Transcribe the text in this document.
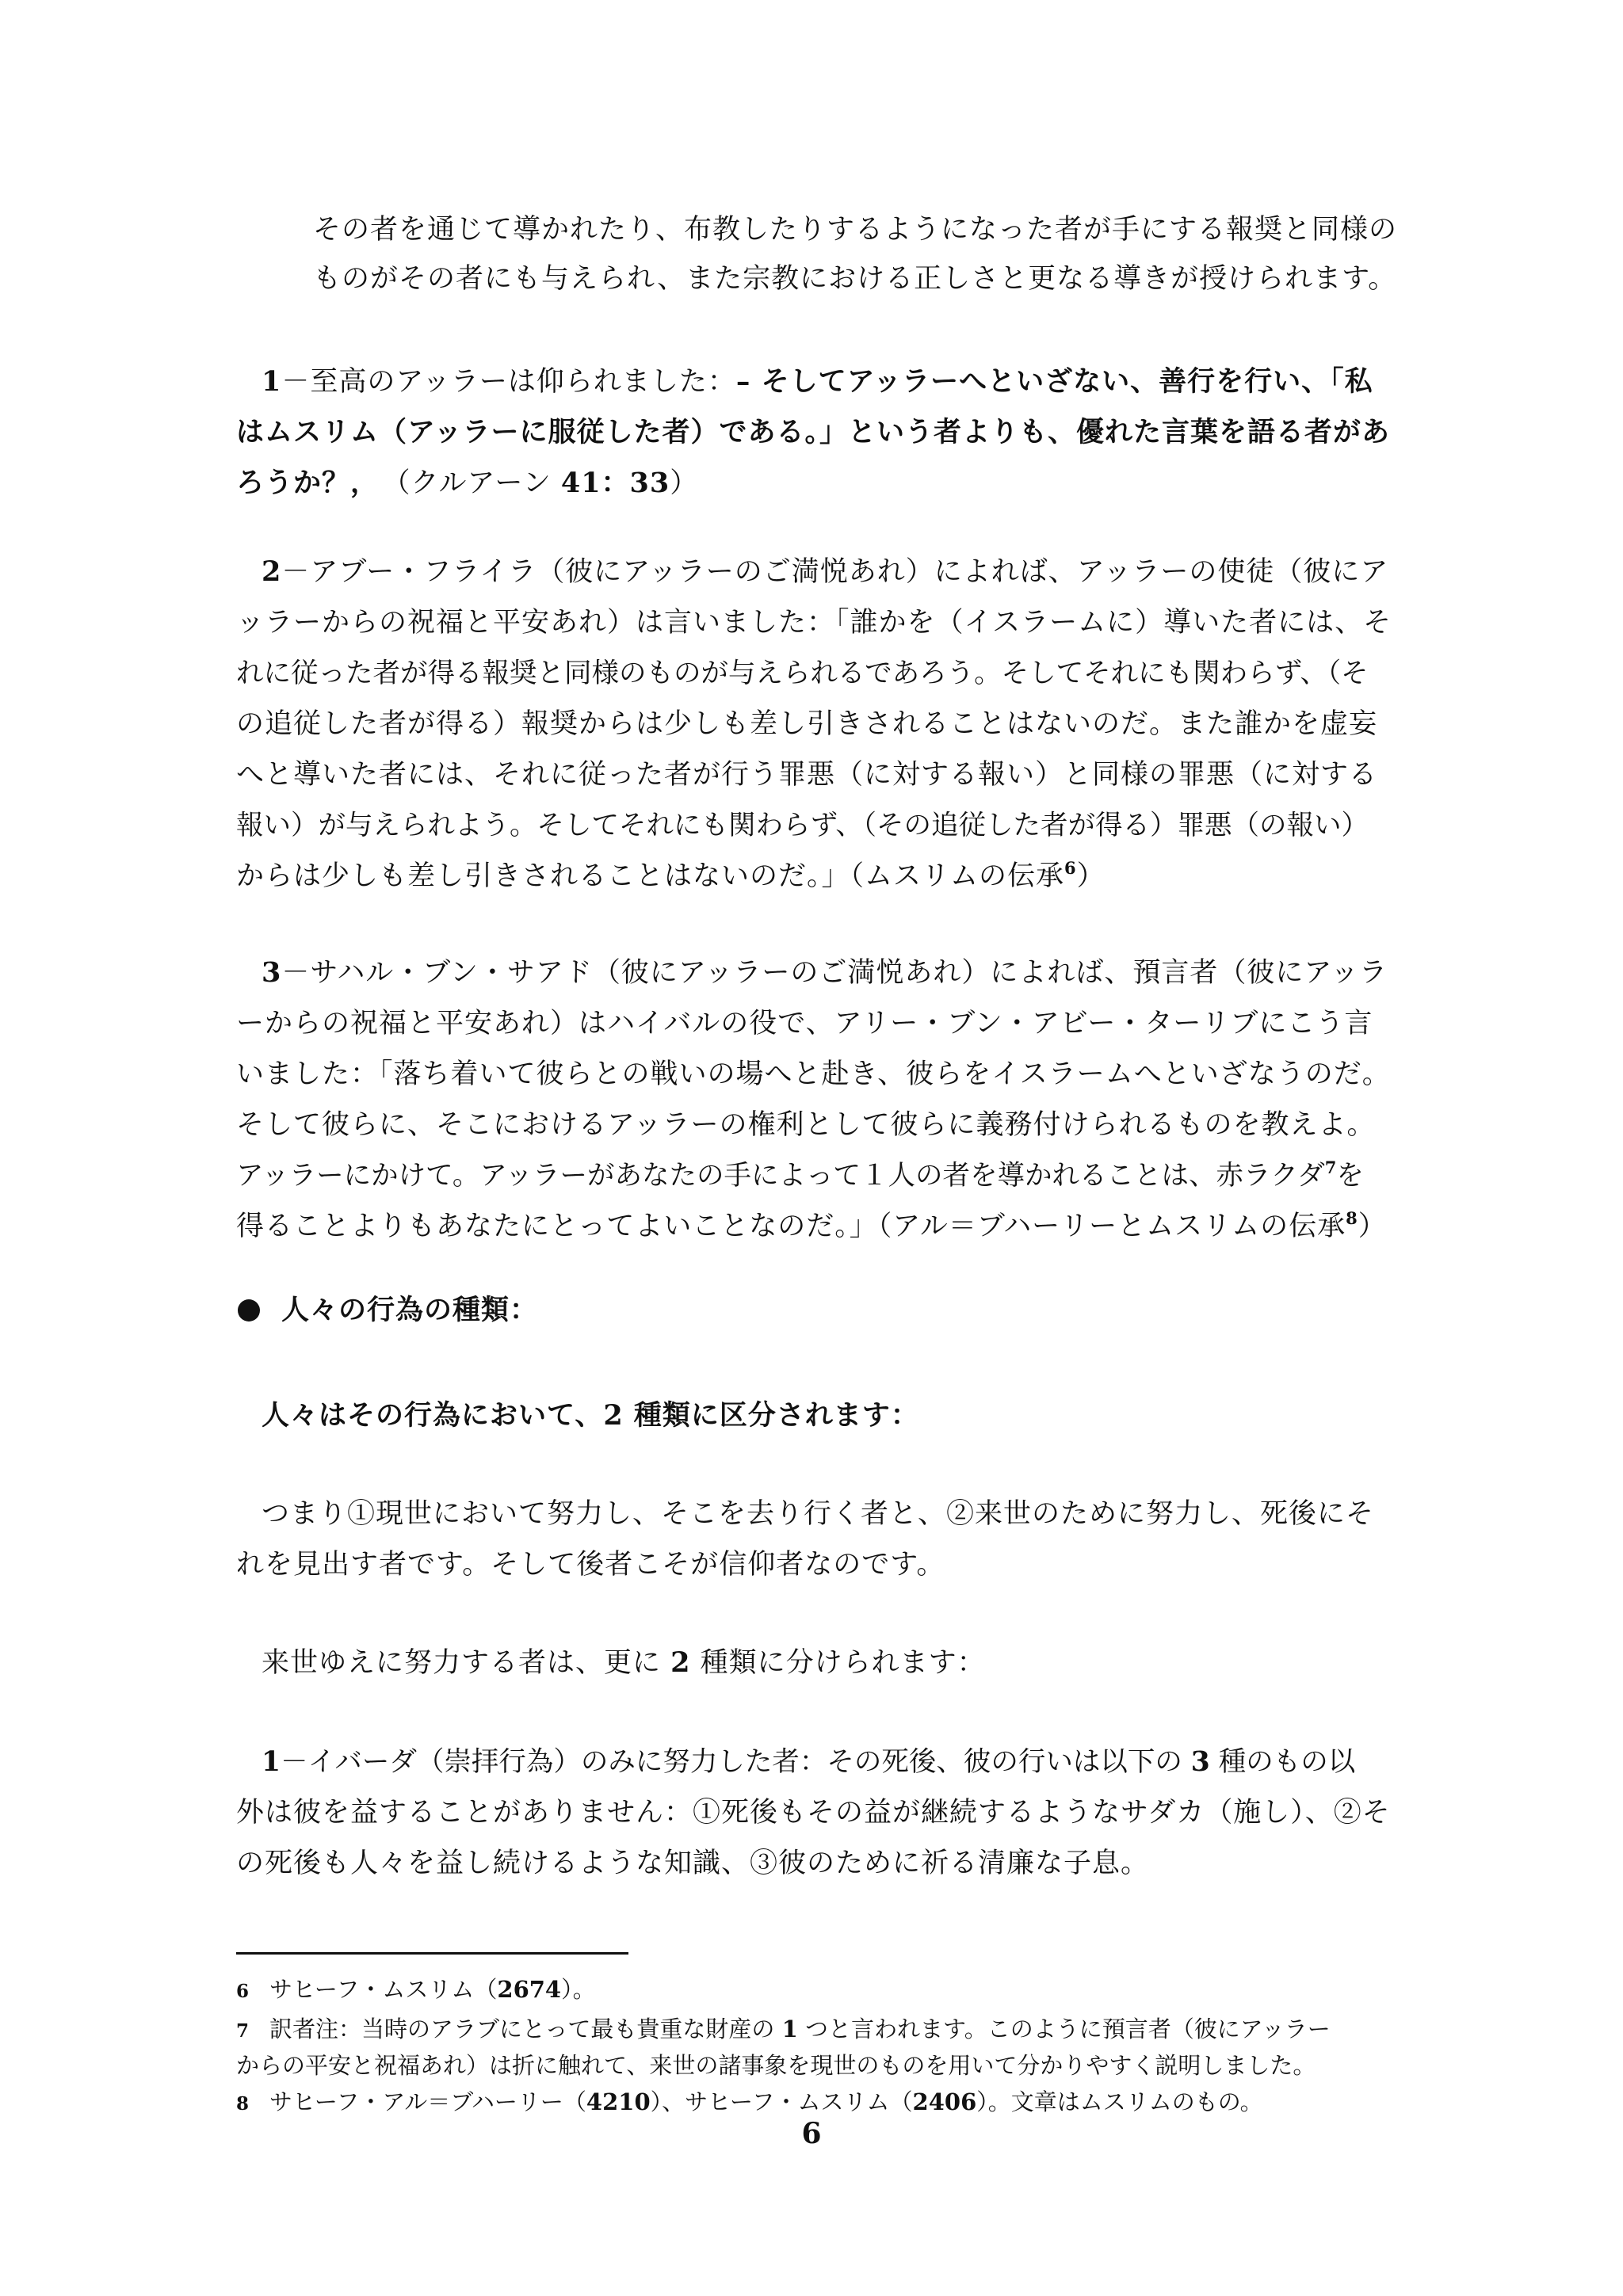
その者を通じて導かれたり、布教したりするようになった者が手にする報奨と同様の
ものがその者にも与えられ、また宗教における正しさと更なる導きが授けられます。
1－至高のアッラーは仰られました：– そしてアッラーへといざない、善行を行い、「私
はムスリム（アッラーに服従した者）である。」という者よりも、優れた言葉を語る者があ
ろうか？， （クルアーン 41：33）
2－アブー・フライラ（彼にアッラーのご満悦あれ）によれば、アッラーの使徒（彼にア
ッラーからの祝福と平安あれ）は言いました：「誰かを（イスラームに）導いた者には、そ
れに従った者が得る報奨と同様のものが与えられるであろう。そしてそれにも関わらず、（そ
の追従した者が得る）報奨からは少しも差し引きされることはないのだ。また誰かを虚妄
へと導いた者には、それに従った者が行う罪悪（に対する報い）と同様の罪悪（に対する
報い）が与えられよう。そしてそれにも関わらず、（その追従した者が得る）罪悪（の報い）
からは少しも差し引きされることはないのだ。」（ムスリムの伝承$^6$）
3－サハル・ブン・サアド（彼にアッラーのご満悦あれ）によれば、預言者（彼にアッラ
ーからの祝福と平安あれ）はハイバルの役で、アリー・ブン・アビー・ターリブにこう言
いました：「落ち着いて彼らとの戦いの場へと赴き、彼らをイスラームへといざなうのだ。
そして彼らに、そこにおけるアッラーの権利として彼らに義務付けられるものを教えよ。
アッラーにかけて。アッラーがあなたの手によって１人の者を導かれることは、赤ラクダ$^7$を
得ることよりもあなたにとってよいことなのだ。」（アル＝ブハーリーとムスリムの伝承$^8$）
人々の行為の種類：
人々はその行為において、2 種類に区分されます：
つまり①現世において努力し、そこを去り行く者と、②来世のために努力し、死後にそ
れを見出す者です。そして後者こそが信仰者なのです。
来世ゆえに努力する者は、更に 2 種類に分けられます：
1－イバーダ（崇拝行為）のみに努力した者：その死後、彼の行いは以下の 3 種のもの以
外は彼を益することがありません：①死後もその益が継続するようなサダカ（施し）、②そ
の死後も人々を益し続けるような知識、③彼のために祈る清廉な子息。
6 サヒーフ・ムスリム（2674）。
7 訳者注：当時のアラブにとって最も貴重な財産の 1 つと言われます。このように預言者（彼にアッラー
からの平安と祝福あれ）は折に触れて、来世の諸事象を現世のものを用いて分かりやすく説明しました。
8 サヒーフ・アル＝ブハーリー（4210）、サヒーフ・ムスリム（2406）。文章はムスリムのもの。
6
